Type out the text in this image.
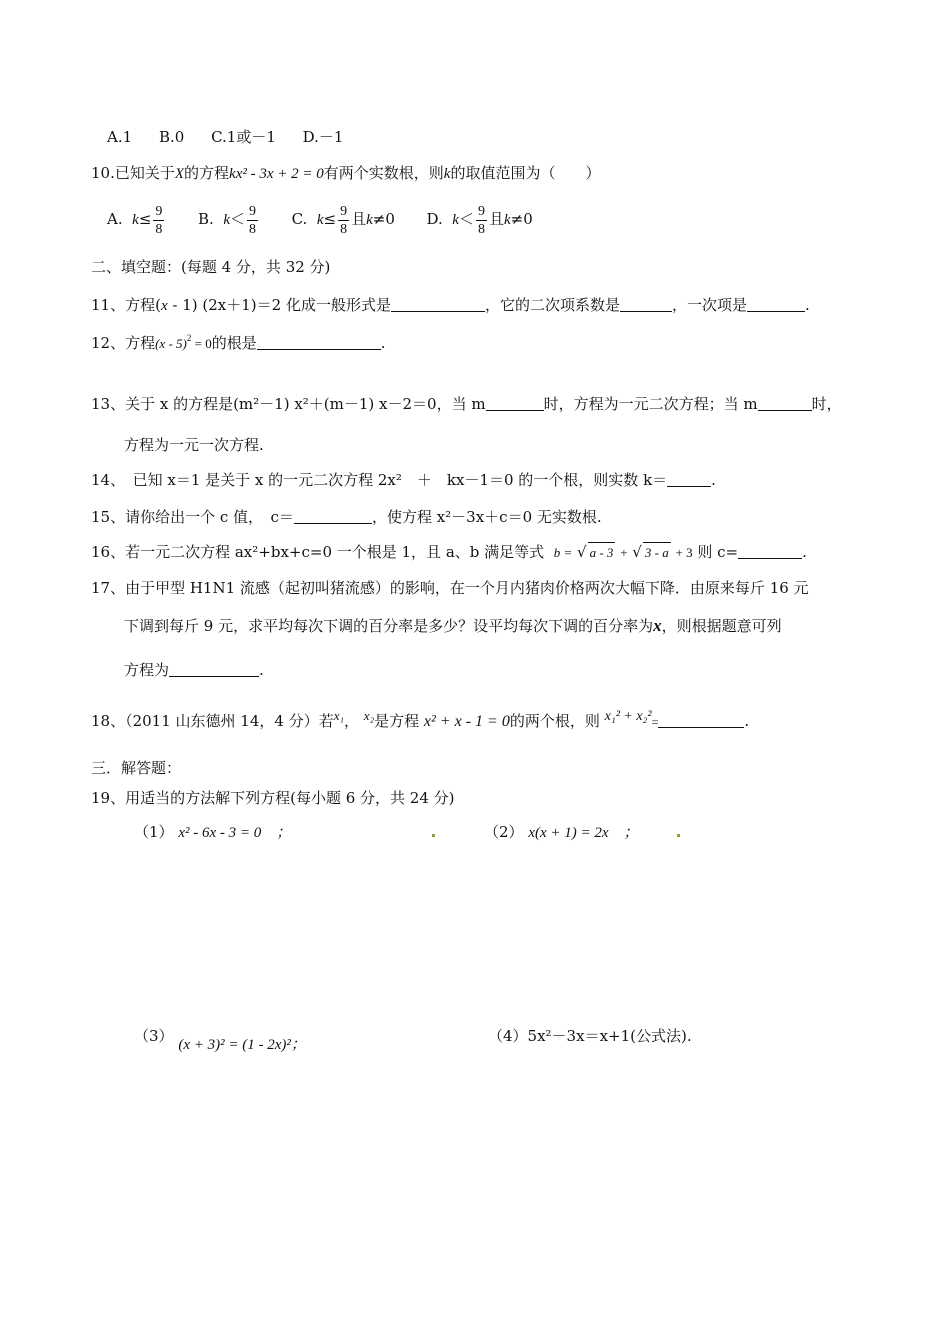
A.1 B.0 C.1或－1 D.－1
10.已知关于X的方程kx² - 3x + 2 = 0有两个实数根，则k的取值范围为（　　）
A. $k\le \frac{9}{8} B$. $k< \frac{9}{8} C$. $k\le \frac{9}{8}$ 且k≠0 D. $k< \frac{9}{8}$ 且k≠0
二、填空题：(每题 4 分，共 32 分)
11、方程(x - 1) (2x＋1)＝2 化成一般形式是	，它的二次项系数是	，一次项是	.
12、方程(x - 5)$^2$ = 0的根是	.
13、关于 x 的方程是(m²－1) x²＋(m－1) x－2＝0，当 m	时，方程为一元二次方程；当 m	时，
方程为一元一次方程.
14、　已知 x＝1 是关于 x 的一元二次方程 2x²　＋　kx－1＝0 的一个根，则实数 k＝	.
15、请你给出一个 c 值，　c＝	，使方程 x²－3x＋c＝0 无实数根.
16、若一元二次方程 ax²+bx+c=0 一个根是 1，且 a、b 满足等式 b = √ a - 3 + √ 3 - a + 3 则 c=	.
17、由于甲型 H1N1 流感（起初叫猪流感）的影响，在一个月内猪肉价格两次大幅下降．由原来每斤 16 元
下调到每斤 9 元，求平均每次下调的百分率是多少？设平均每次下调的百分率为x，则根据题意可列
方程为	.
18、（2011 山东德州 14，4 分）若x₁， x₂是方程 x² + x - 1 = 0的两个根，则 x₁² + x₂²=	.
三．解答题：
19、用适当的方法解下列方程(每小题 6 分，共 24 分)
（1） x² - 6x - 3 = 0　；	（2） x(x + 1) = 2x　；
（3） (x + 3)² = (1 - 2x)²；	（4）5x²－3x＝x+1(公式法).
